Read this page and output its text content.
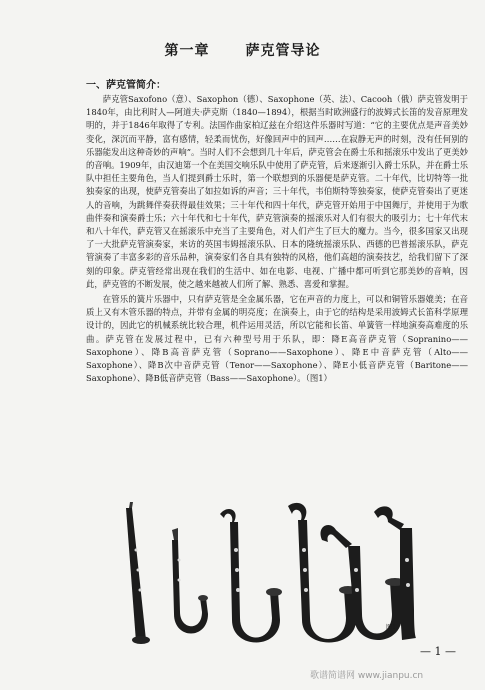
第一章	萨克管导论
一、萨克管简介：

萨克管Saxofono（意）、Saxophon（德）、Saxophone（英、法）、Cacooh（俄）萨克管发明于1840年，由比利时人—阿道夫·萨克斯（1840—1894），根据当时欧洲盛行的波姆式长笛的发音原理发明的，并于1846年取得了专利。法国作曲家柏辽兹在介绍这件乐器时写道：“它的主要优点是声音美妙变化，深沉而平静，富有感情，轻柔而忧伤，好像回声中的回声……在寂静无声的时刻，没有任何别的乐器能发出这种奇妙的声响”。当时人们不会想到几十年后，萨克管会在爵士乐和摇滚乐中发出了更美妙的音响。1909年，由汉迪第一个在美国交响乐队中使用了萨克管，后来逐渐引入爵士乐队，并在爵士乐队中担任主要角色，当人们提到爵士乐时，第一个联想到的乐器便是萨克管。二十年代，比切特等一批独奏家的出现，使萨克管奏出了如拉如诉的声音；三十年代，韦伯斯特等独奏家，使萨克管奏出了更迷人的音响，为跳舞伴奏获得最佳效果；三十年代和四十年代，萨克管开始用于中国舞厅，并使用于为歌曲伴奏和演奏爵士乐；六十年代和七十年代，萨克管演奏的摇滚乐对人们有很大的吸引力；七十年代末和八十年代，萨克管又在摇滚乐中充当了主要角色，对人们产生了巨大的魔力。当今，很多国家又出现了一大批萨克管演奏家，来访的英国韦姆摇滚乐队、日本的隆统摇滚乐队、西德的巴普摇滚乐队，萨克管演奏了丰富多彩的音乐品种，演奏家们各自具有独特的风格，他们高超的演奏技艺，给我们留下了深刻的印象。萨克管经常出现在我们的生活中、如在电影、电视、广播中都可听到它那美妙的音响，因此，萨克管的不断发展，使之越来越被人们所了解、熟悉、喜爱和掌握。

在管乐的簧片乐器中，只有萨克管是全金属乐器，它在声音的力度上，可以和铜管乐器媲美；在音质上又有木管乐器的特点，并带有金属的明亮度；在演奏上，由于它的结构是采用波姆式长笛科学原理设计的，因此它的机械系统比较合理，机件运用灵活，所以它能和长笛、单簧管一样地演奏高难度的乐曲。萨克管在发展过程中，已有六种型号用于乐队，即：降E高音萨克管（Sopranino——Saxophone）、降B高音萨克管（Soprano——Saxophone）、降E中音萨克管（Alto——Saxophone）、降B次中音萨克管（Tenor——Saxophone）、降E小低音萨克管（Baritone——Saxophone）、降B低音萨克管（Bass——Saxophone）。（图1）

图1
— 1 —
歌谱简谱网 www.jianpu.cn
